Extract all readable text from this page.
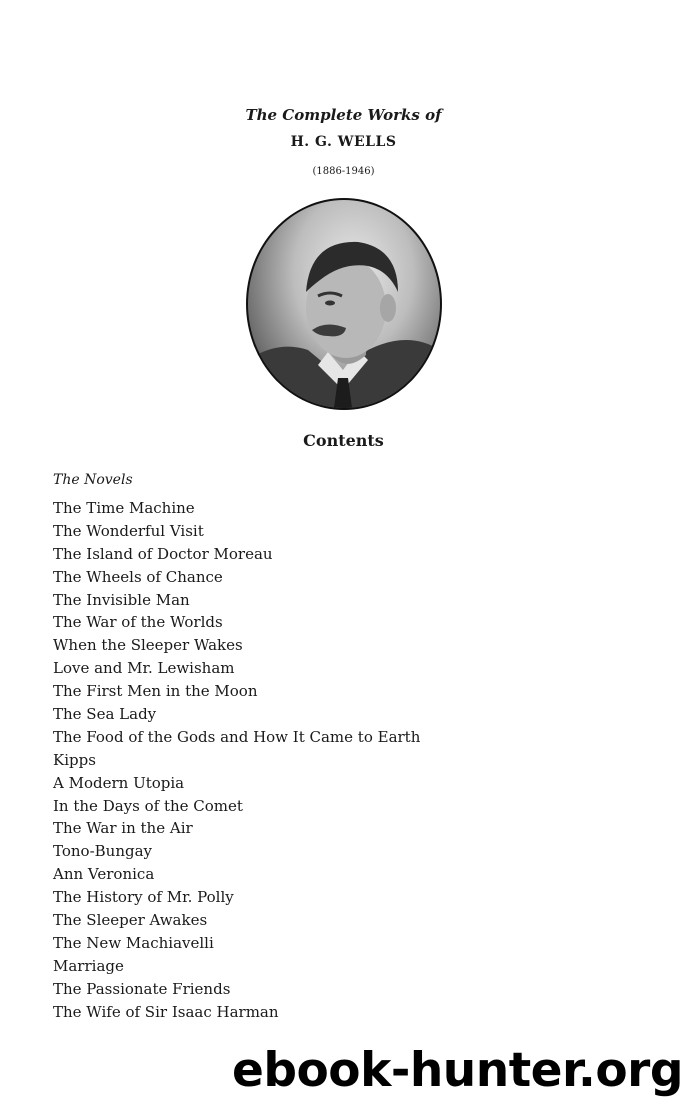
The Complete Works of
H. G. WELLS
(1886-1946)
Contents
The Novels
The Time Machine
The Wonderful Visit
The Island of Doctor Moreau
The Wheels of Chance
The Invisible Man
The War of the Worlds
When the Sleeper Wakes
Love and Mr. Lewisham
The First Men in the Moon
The Sea Lady
The Food of the Gods and How It Came to Earth
Kipps
A Modern Utopia
In the Days of the Comet
The War in the Air
Tono-Bungay
Ann Veronica
The History of Mr. Polly
The Sleeper Awakes
The New Machiavelli
Marriage
The Passionate Friends
The Wife of Sir Isaac Harman
ebook-hunter.org
